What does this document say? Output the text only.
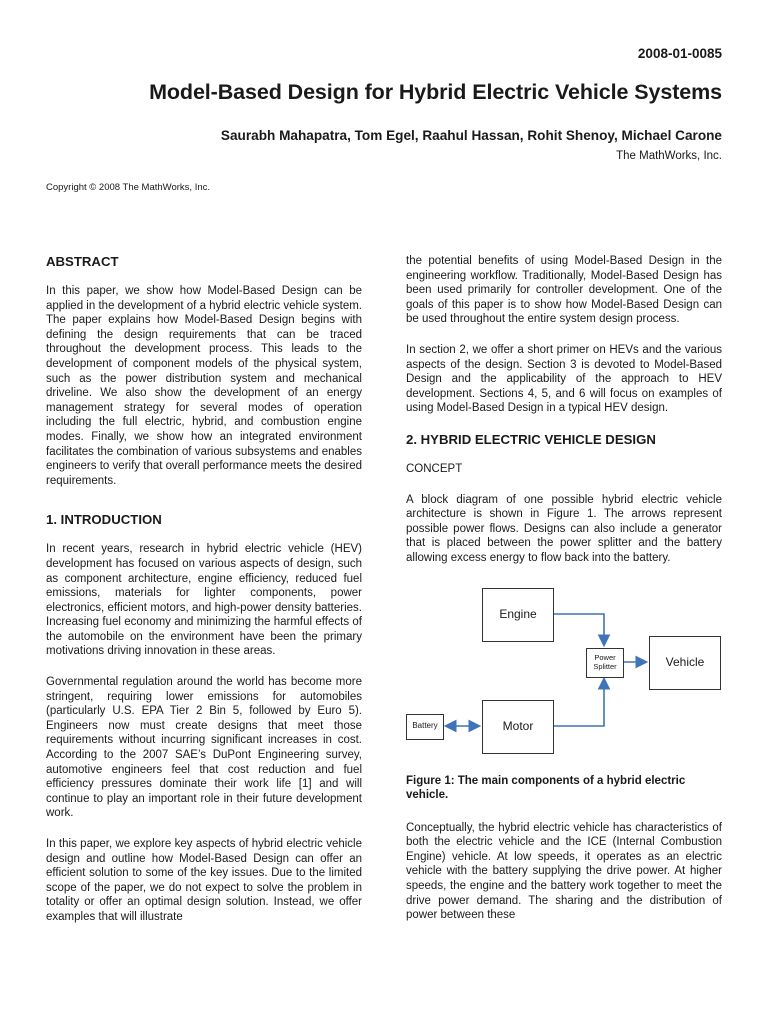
2008-01-0085
Model-Based Design for Hybrid Electric Vehicle Systems
Saurabh Mahapatra, Tom Egel, Raahul Hassan, Rohit Shenoy, Michael Carone
The MathWorks, Inc.
Copyright © 2008 The MathWorks, Inc.
ABSTRACT

In this paper, we show how Model-Based Design can be applied in the development of a hybrid electric vehicle system. The paper explains how Model-Based Design begins with defining the design requirements that can be traced throughout the development process. This leads to the development of component models of the physical system, such as the power distribution system and mechanical driveline. We also show the development of an energy management strategy for several modes of operation including the full electric, hybrid, and combustion engine modes. Finally, we show how an integrated environment facilitates the combination of various subsystems and enables engineers to verify that overall performance meets the desired requirements.

1. INTRODUCTION

In recent years, research in hybrid electric vehicle (HEV) development has focused on various aspects of design, such as component architecture, engine efficiency, reduced fuel emissions, materials for lighter components, power electronics, efficient motors, and high-power density batteries. Increasing fuel economy and minimizing the harmful effects of the automobile on the environment have been the primary motivations driving innovation in these areas.

Governmental regulation around the world has become more stringent, requiring lower emissions for automobiles (particularly U.S. EPA Tier 2 Bin 5, followed by Euro 5). Engineers now must create designs that meet those requirements without incurring significant increases in cost. According to the 2007 SAE’s DuPont Engineering survey, automotive engineers feel that cost reduction and fuel efficiency pressures dominate their work life [1] and will continue to play an important role in their future development work.

In this paper, we explore key aspects of hybrid electric vehicle design and outline how Model-Based Design can offer an efficient solution to some of the key issues. Due to the limited scope of the paper, we do not expect to solve the problem in totality or offer an optimal design solution. Instead, we offer examples that will illustrate

the potential benefits of using Model-Based Design in the engineering workflow. Traditionally, Model-Based Design has been used primarily for controller development. One of the goals of this paper is to show how Model-Based Design can be used throughout the entire system design process.

In section 2, we offer a short primer on HEVs and the various aspects of the design. Section 3 is devoted to Model-Based Design and the applicability of the approach to HEV development. Sections 4, 5, and 6 will focus on examples of using Model-Based Design in a typical HEV design.

2. HYBRID ELECTRIC VEHICLE DESIGN
CONCEPT

A block diagram of one possible hybrid electric vehicle architecture is shown in Figure 1. The arrows represent possible power flows. Designs can also include a generator that is placed between the power splitter and the battery allowing excess energy to flow back into the battery.

Engine
Vehicle
Motor
Battery
Power
Splitter
Figure 1: The main components of a hybrid electric vehicle.

Conceptually, the hybrid electric vehicle has characteristics of both the electric vehicle and the ICE (Internal Combustion Engine) vehicle. At low speeds, it operates as an electric vehicle with the battery supplying the drive power. At higher speeds, the engine and the battery work together to meet the drive power demand. The sharing and the distribution of power between these
